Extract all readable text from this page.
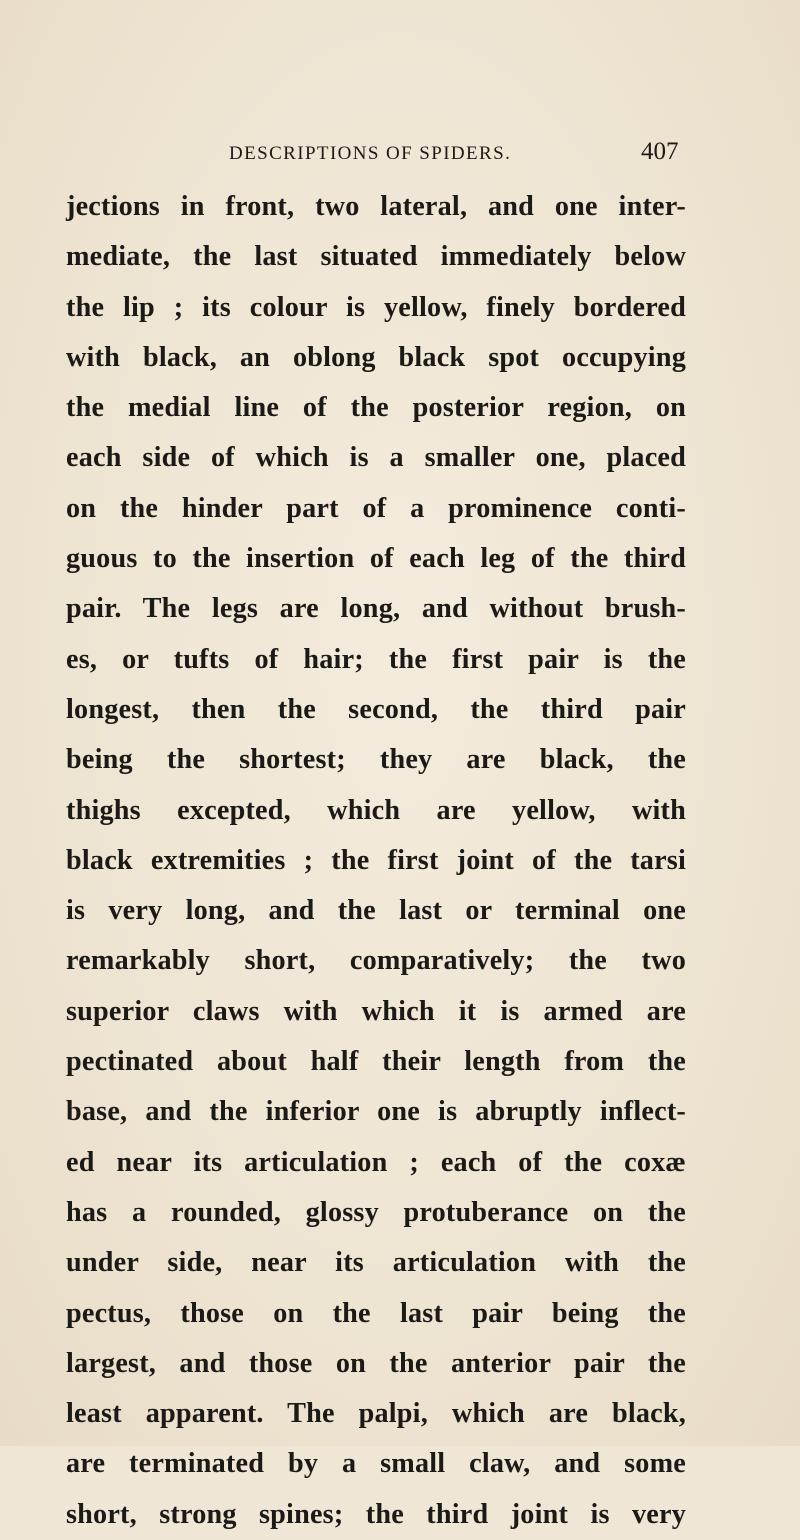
DESCRIPTIONS OF SPIDERS.	407
jections in front, two lateral, and one inter-
mediate, the last situated immediately below
the lip ; its colour is yellow, finely bordered
with black, an oblong black spot occupying
the medial line of the posterior region, on
each side of which is a smaller one, placed
on the hinder part of a prominence conti-
guous to the insertion of each leg of the third
pair. The legs are long, and without brush-
es, or tufts of hair; the first pair is the
longest, then the second, the third pair
being the shortest; they are black, the
thighs excepted, which are yellow, with
black extremities ; the first joint of the tarsi
is very long, and the last or terminal one
remarkably short, comparatively; the two
superior claws with which it is armed are
pectinated about half their length from the
base, and the inferior one is abruptly inflect-
ed near its articulation ; each of the coxæ
has a rounded, glossy protuberance on the
under side, near its articulation with the
pectus, those on the last pair being the
largest, and those on the anterior pair the
least apparent. The palpi, which are black,
are terminated by a small claw, and some
short, strong spines; the third joint is very
